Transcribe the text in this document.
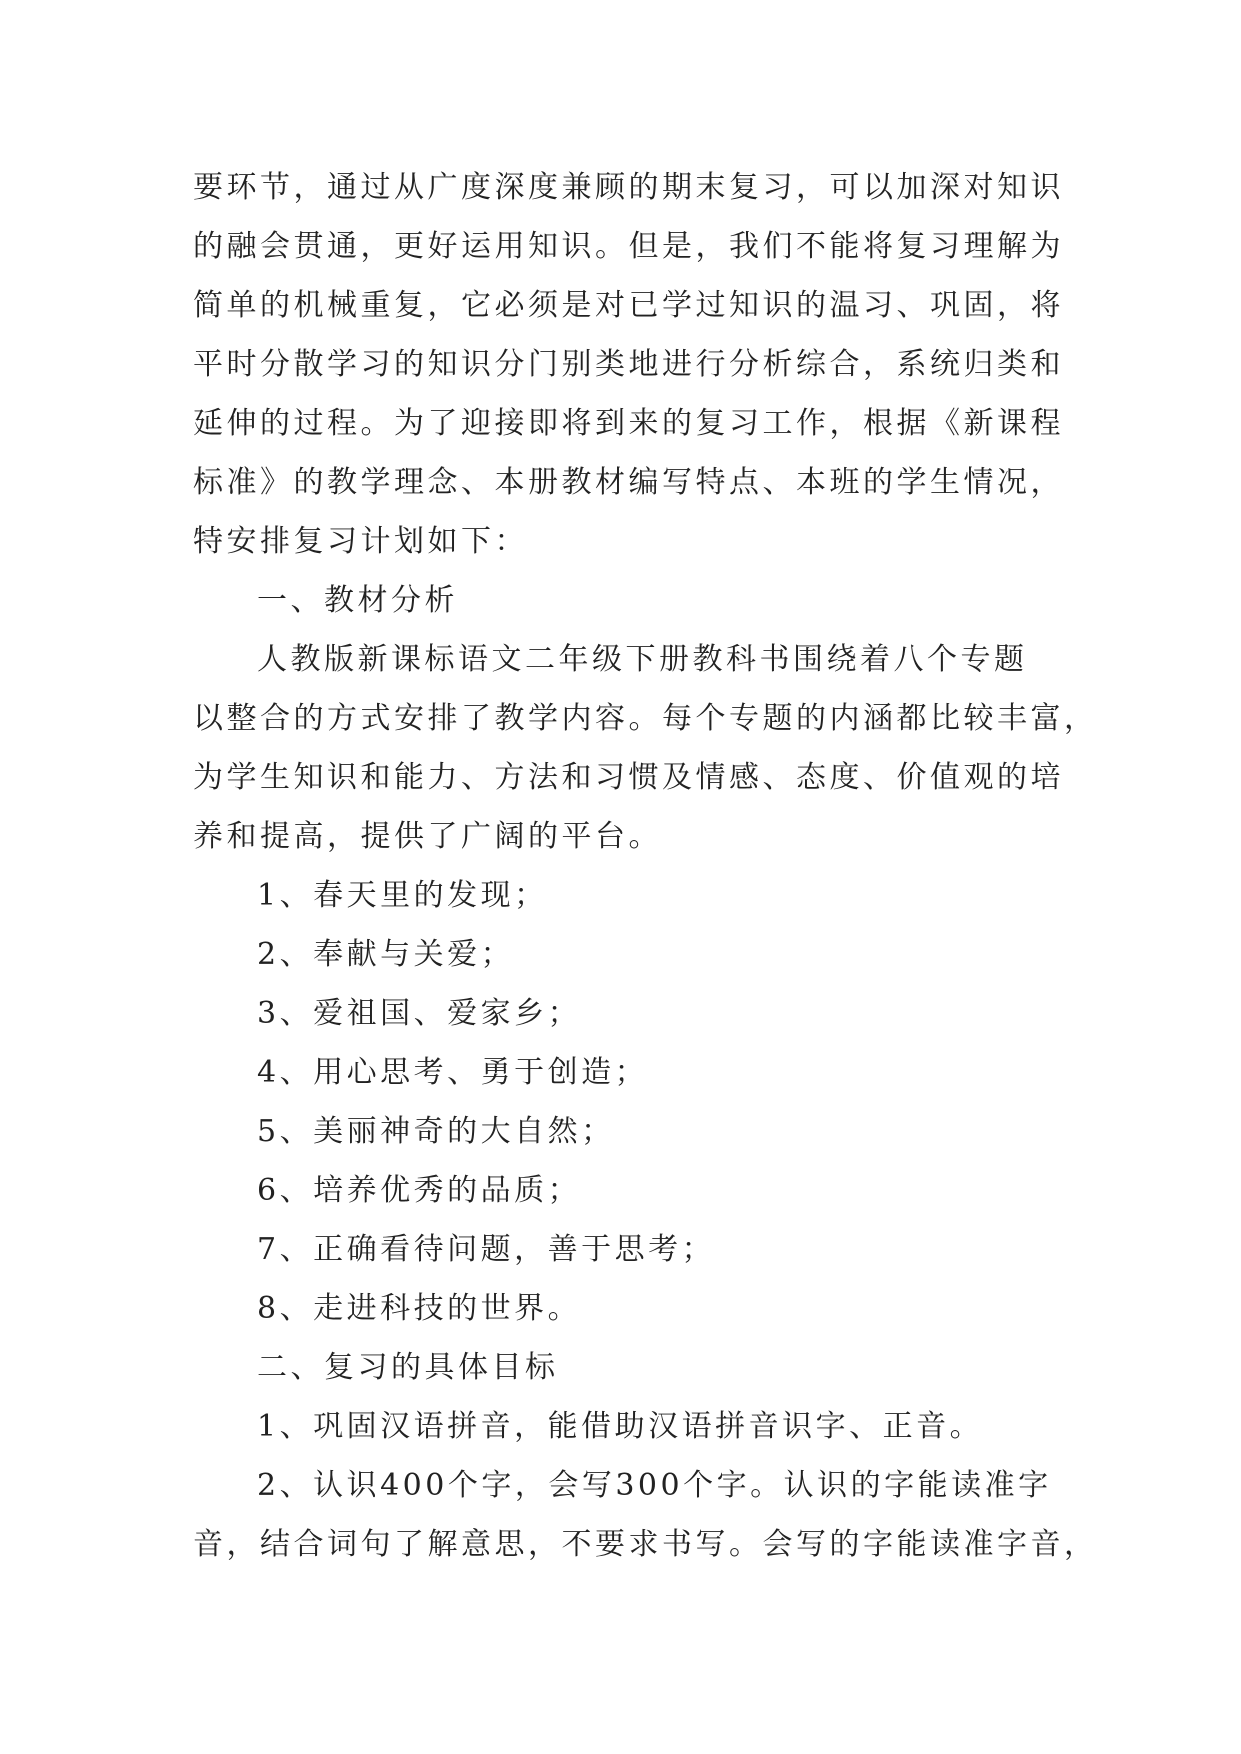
要环节，通过从广度深度兼顾的期末复习，可以加深对知识
的融会贯通，更好运用知识。但是，我们不能将复习理解为
简单的机械重复，它必须是对已学过知识的温习、巩固，将
平时分散学习的知识分门别类地进行分析综合，系统归类和
延伸的过程。为了迎接即将到来的复习工作，根据《新课程
标准》的教学理念、本册教材编写特点、本班的学生情况，
特安排复习计划如下：
一、教材分析
人教版新课标语文二年级下册教科书围绕着八个专题
以整合的方式安排了教学内容。每个专题的内涵都比较丰富，
为学生知识和能力、方法和习惯及情感、态度、价值观的培
养和提高，提供了广阔的平台。
1、春天里的发现；
2、奉献与关爱；
3、爱祖国、爱家乡；
4、用心思考、勇于创造；
5、美丽神奇的大自然；
6、培养优秀的品质；
7、正确看待问题，善于思考；
8、走进科技的世界。
二、复习的具体目标
1、巩固汉语拼音，能借助汉语拼音识字、正音。
2、认识400个字，会写300个字。认识的字能读准字
音，结合词句了解意思，不要求书写。会写的字能读准字音，
